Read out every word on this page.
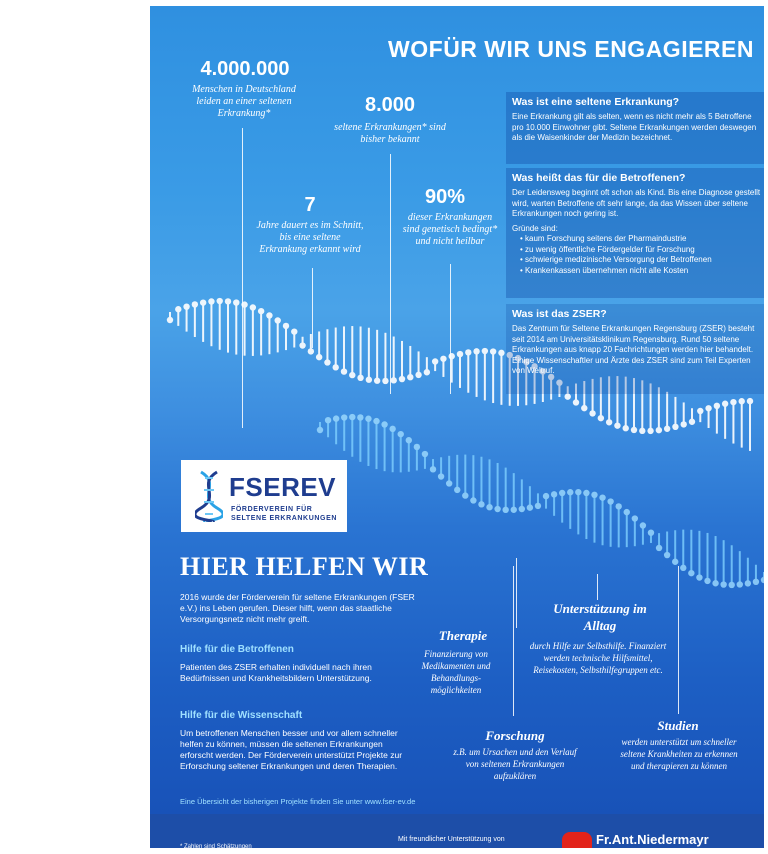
WOFÜR WIR UNS ENGAGIEREN
4.000.000
Menschen in Deutschland leiden an einer seltenen Erkrankung*	8.000
seltene Erkrankungen* sind bisher bekannt
7
Jahre dauert es im Schnitt, bis eine seltene Erkrankung erkannt wird
90%
dieser Erkrankungen sind genetisch bedingt* und nicht heilbar
Was ist eine seltene Erkrankung?

Eine Erkrankung gilt als selten, wenn es nicht mehr als 5 Betroffene pro 10.000 Einwohner gibt. Seltene Erkrankungen werden deswegen als die Waisenkinder der Medizin bezeichnet.

Was heißt das für die Betroffenen?

Der Leidensweg beginnt oft schon als Kind. Bis eine Diagnose gestellt wird, warten Betroffene oft sehr lange, da das Wissen über seltene Erkrankungen noch gering ist.

Gründe sind:

• kaum Forschung seitens der Pharmaindustrie
• zu wenig öffentliche Fördergelder für Forschung
• schwierige medizinische Versorgung der Betroffenen
• Krankenkassen übernehmen nicht alle Kosten
Was ist das ZSER?

Das Zentrum für Seltene Erkrankungen Regensburg (ZSER) besteht seit 2014 am Universitätsklinikum Regensburg. Rund 50 seltene Erkrankungen aus knapp 20 Fachrichtungen werden hier behandelt. Einige Wissenschaftler und Ärzte des ZSER sind zum Teil Experten von Weltruf.

FSEREV
FÖRDERVEREIN FÜR
SELTENE ERKRANKUNGEN
HIER HELFEN WIR
2016 wurde der Förderverein für seltene Erkrankungen (FSER e.V.) ins Leben gerufen. Dieser hilft, wenn das staatliche Versorgungsnetz nicht mehr greift.
Hilfe für die Betroffenen
Patienten des ZSER erhalten individuell nach ihren Bedürfnissen und Krankheitsbildern Unterstützung.
Hilfe für die Wissenschaft
Um betroffenen Menschen besser und vor allem schneller helfen zu können, müssen die seltenen Erkrankungen erforscht werden. Der Förderverein unterstützt Projekte zur Erforschung seltener Erkrankungen und deren Therapien.
Eine Übersicht der bisherigen Projekte finden Sie unter www.fser-ev.de
Therapie
Finanzierung von Medikamenten und Behandlungs- möglichkeiten
Unterstützung im Alltag
durch Hilfe zur Selbsthilfe. Finanziert werden technische Hilfsmittel, Reisekosten, Selbsthilfegruppen etc.
Forschung
z.B. um Ursachen und den Verlauf von seltenen Erkrankungen aufzuklären
Studien
werden unterstützt um schneller seltene Krankheiten zu erkennen und therapieren zu können
* Zahlen sind Schätzungen
Mit freundlicher Unterstützung von	Fr.Ant.Niedermayr
